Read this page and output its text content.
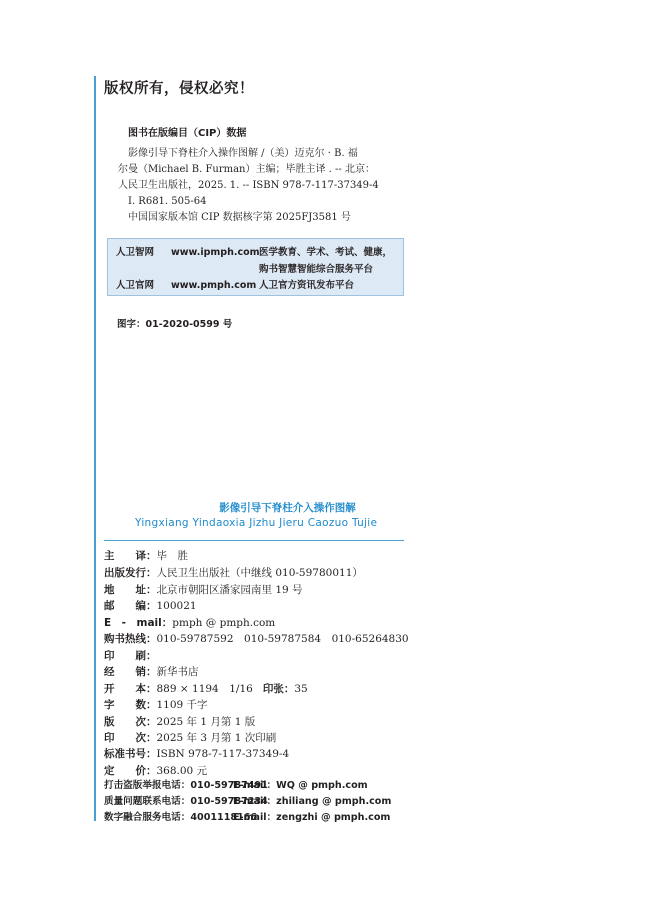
版权所有，侵权必究！
图书在版编目（CIP）数据
影像引导下脊柱介入操作图解 /（美）迈克尔 · B. 福
尔曼（Michael B. Furman）主编；毕胜主译 . -- 北京：
人民卫生出版社，2025. 1. -- ISBN 978-7-117-37349-4
Ⅰ. R681. 505-64
中国国家版本馆 CIP 数据核字第 2025FJ3581 号
人卫智网 www.ipmph.com 医学教育、学术、考试、健康，
购书智慧智能综合服务平台
人卫官网 www.pmph.com 人卫官方资讯发布平台
图字：01-2020-0599 号
影像引导下脊柱介入操作图解
Yingxiang Yindaoxia Jizhu Jieru Caozuo Tujie
主　　译：毕　胜
出版发行：人民卫生出版社（中继线 010-59780011）
地　　址：北京市朝阳区潘家园南里 19 号
邮　　编：100021
E　-　mail：pmph @ pmph.com
购书热线：010-59787592　010-59787584　010-65264830
印　　刷：
经　　销：新华书店
开　　本：889 × 1194　1/16 印张：35
字　　数：1109 千字
版　　次：2025 年 1 月第 1 版
印　　次：2025 年 3 月第 1 次印刷
标准书号：ISBN 978-7-117-37349-4
定　　价：368.00 元
打击盗版举报电话：010-59787491E-mail：WQ @ pmph.com
质量问题联系电话：010-59787234E-mail：zhiliang @ pmph.com
数字融合服务电话：4001118166E-mail：zengzhi @ pmph.com
